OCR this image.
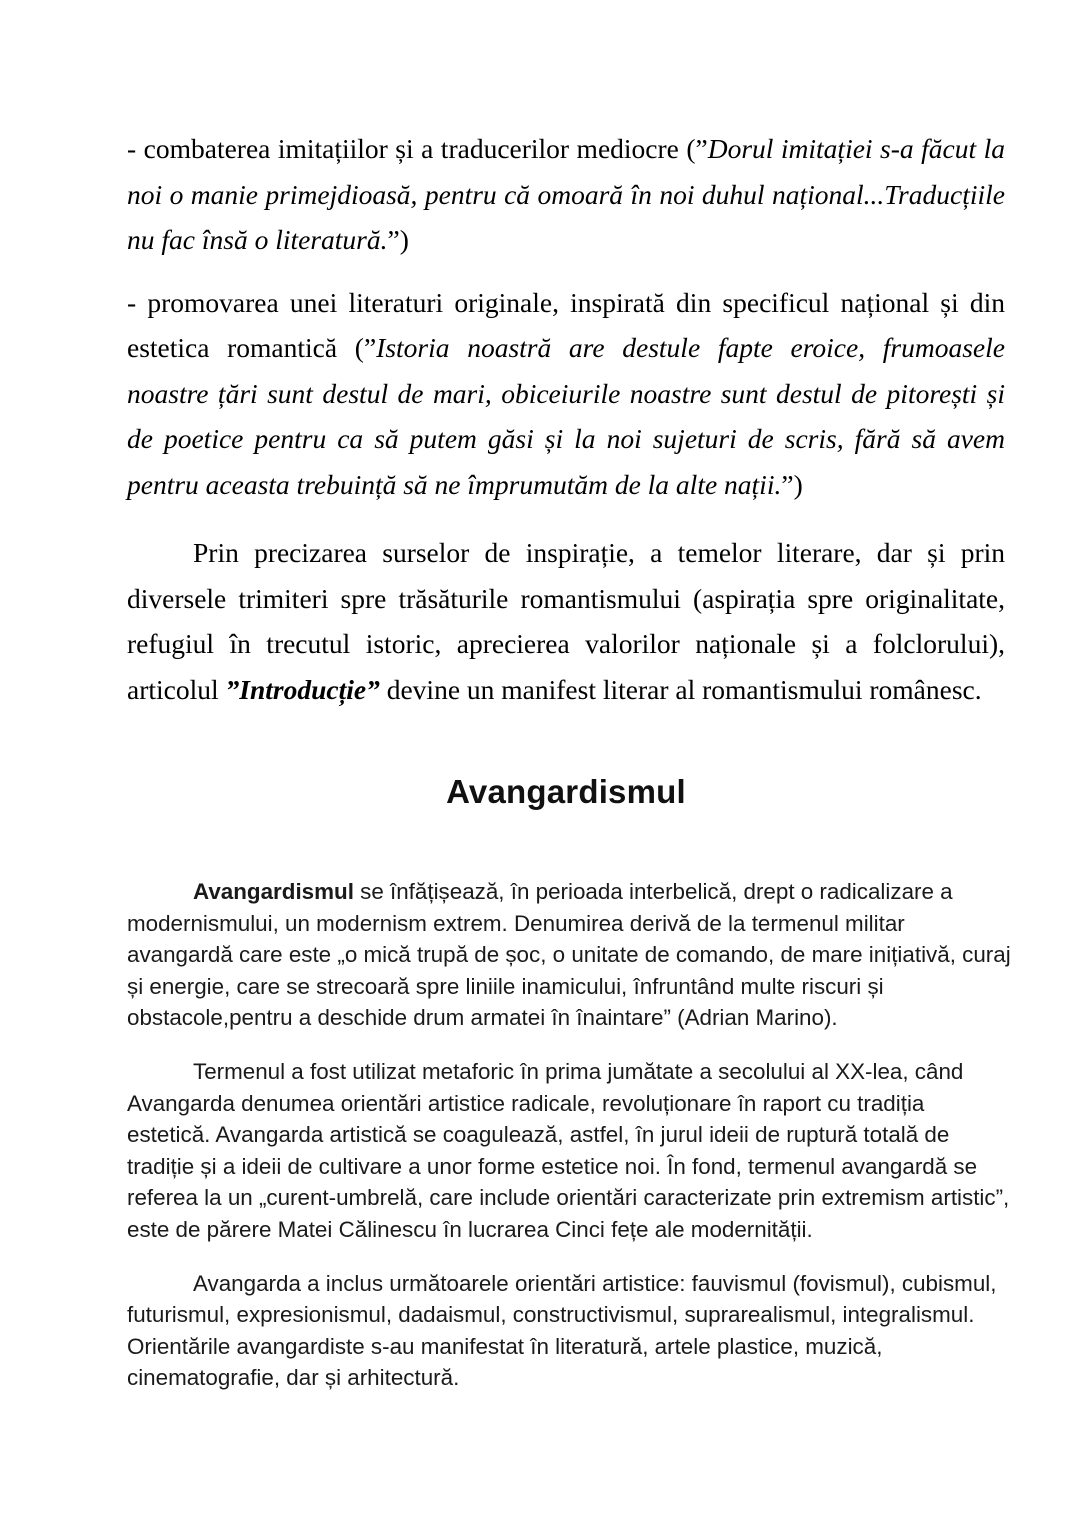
- combaterea imitațiilor și a traducerilor mediocre (”Dorul imitației s-a făcut la noi o manie primejdioasă, pentru că omoară în noi duhul național...Traducțiile nu fac însă o literatură.”)

- promovarea unei literaturi originale, inspirată din specificul național și din estetica romantică (”Istoria noastră are destule fapte eroice, frumoasele noastre țări sunt destul de mari, obiceiurile noastre sunt destul de pitorești și de poetice pentru ca să putem găsi și la noi sujeturi de scris, fără să avem pentru aceasta trebuință să ne împrumutăm de la alte nații.”)

Prin precizarea surselor de inspirație, a temelor literare, dar și prin diversele trimiteri spre trăsăturile romantismului (aspirația spre originalitate, refugiul în trecutul istoric, aprecierea valorilor naționale și a folclorului), articolul ”Introducție” devine un manifest literar al romantismului românesc.

Avangardismul

Avangardismul se înfățișează, în perioada interbelică, drept o radicalizare a modernismului, un modernism extrem. Denumirea derivă de la termenul militar avangardă care este „o mică trupă de șoc, o unitate de comando, de mare inițiativă, curaj și energie, care se strecoară spre liniile inamicului, înfruntând multe riscuri și obstacole,pentru a deschide drum armatei în înaintare” (Adrian Marino).

Termenul a fost utilizat metaforic în prima jumătate a secolului al XX-lea, când Avangarda denumea orientări artistice radicale, revoluționare în raport cu tradiția estetică. Avangarda artistică se coagulează, astfel, în jurul ideii de ruptură totală de tradiție și a ideii de cultivare a unor forme estetice noi. În fond, termenul avangardă se referea la un „curent-umbrelă, care include orientări caracterizate prin extremism artistic”, este de părere Matei Călinescu în lucrarea Cinci fețe ale modernității.

Avangarda a inclus următoarele orientări artistice: fauvismul (fovismul), cubismul, futurismul, expresionismul, dadaismul, constructivismul, suprarealismul, integralismul. Orientările avangardiste s-au manifestat în literatură, artele plastice, muzică, cinematografie, dar și arhitectură.
